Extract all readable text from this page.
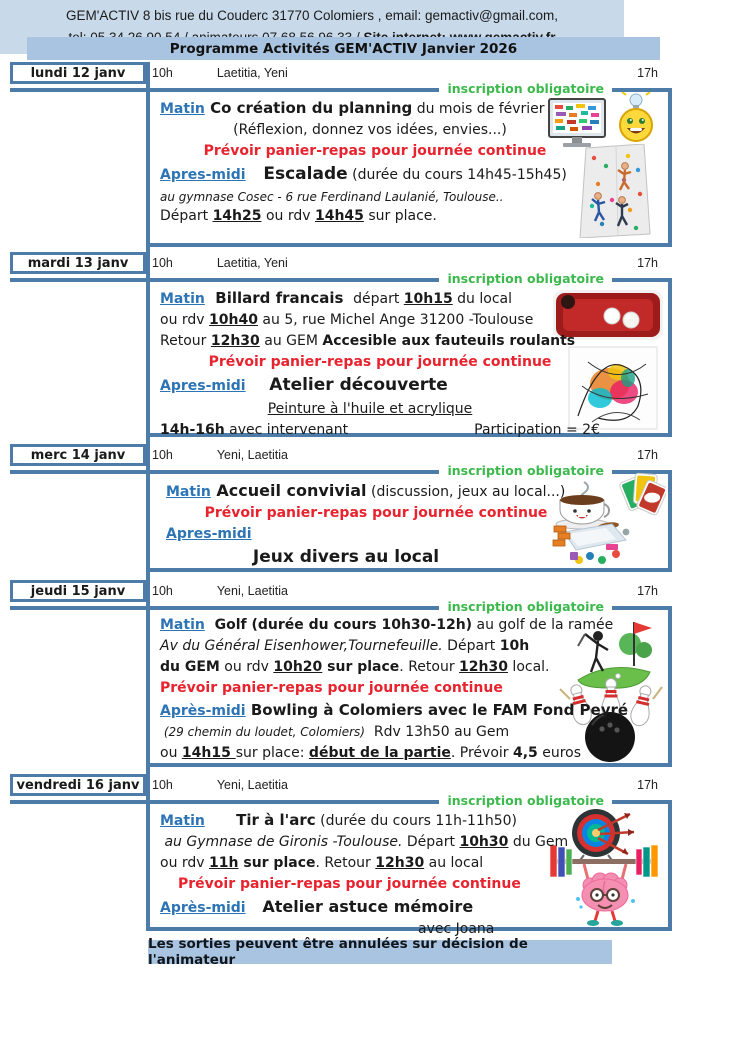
Programme Activités GEM'ACTIV Janvier 2026
lundi 12 janv 10h	Laetitia, Yeni	17h
inscription obligatoire
Matin Co création du planning du mois de février
(Réflexion, donnez vos idées, envies...)
Prévoir panier-repas pour journée continue
Apres-midi   Escalade (durée du cours 14h45-15h45)
au gymnase Cosec - 6 rue Ferdinand Laulanié, Toulouse..
Départ 14h25 ou rdv 14h45 sur place.
mardi 13 janv 10h	Laetitia, Yeni	17h
inscription obligatoire
Matin  Billard francais  départ 10h15 du local
ou rdv 10h40 au 5, rue Michel Ange 31200 -Toulouse
Retour 12h30 au GEM Accesible aux fauteuils roulants
Prévoir panier-repas pour journée continue
Apres-midi    Atelier découverte
Peinture à l'huile et acrylique
14h-16h avec intervenant	Participation = 2€
merc 14 janv 10h	Yeni, Laetitia	17h
inscription obligatoire
Matin Accueil convivial (discussion, jeux au local...)
Prévoir panier-repas pour journée continue
Apres-midi
Jeux divers au local
jeudi 15 janv 10h	Yeni, Laetitia	17h
inscription obligatoire
Matin  Golf (durée du cours 10h30-12h) au golf de la ramée
Av du Général Eisenhower,Tournefeuille. Départ 10h
du GEM ou rdv 10h20 sur place. Retour 12h30 local.
Prévoir panier-repas pour journée continue
Après-midi Bowling à Colomiers avec le FAM Fond Peyré
(29 chemin du loudet, Colomiers)  Rdv 13h50 au Gem
ou 14h15 sur place: début de la partie. Prévoir 4,5 euros
vendredi 16 janv 10h	Yeni, Laetitia	17h
inscription obligatoire
Matin      Tir à l'arc (durée du cours 11h-11h50)
au Gymnase de Gironis -Toulouse. Départ 10h30 du Gem
ou rdv 11h sur place. Retour 12h30 au local
Prévoir panier-repas pour journée continue
Après-midi   Atelier astuce mémoire
avec Joana
Les sorties peuvent être annulées sur décision de l'animateur
GEM'ACTIV 8 bis rue du Couderc 31770 Colomiers , email: gemactiv@gmail.com,
